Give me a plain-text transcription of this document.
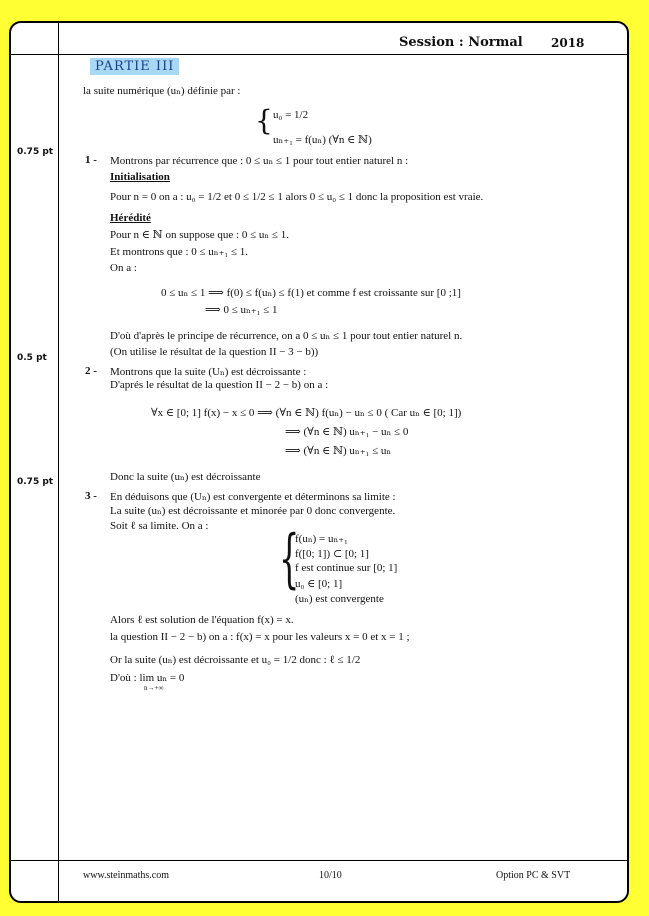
Session : Normal 2018
PARTIE III
la suite numérique (uₙ) définie par :
{ u₀ = 1/2
uₙ₊₁ = f(uₙ) (∀n ∈ ℕ)
0.75 pt
1 - Montrons par récurrence que : 0 ≤ uₙ ≤ 1 pour tout entier naturel n :
Initialisation
Pour n = 0 on a : u₀ = 1/2 et 0 ≤ 1/2 ≤ 1 alors 0 ≤ u₀ ≤ 1 donc la proposition est vraie.
Hérédité
Pour n ∈ ℕ on suppose que : 0 ≤ uₙ ≤ 1.
Et montrons que : 0 ≤ uₙ₊₁ ≤ 1.
On a :
0 ≤ uₙ ≤ 1 ⟹ f(0) ≤ f(uₙ) ≤ f(1) et comme f est croissante sur [0 ;1]
⟹ 0 ≤ uₙ₊₁ ≤ 1
D'où d'après le principe de récurrence, on a 0 ≤ uₙ ≤ 1 pour tout entier naturel n.
(On utilise le résultat de la question II − 3 − b))
0.5 pt
2 - Montrons que la suite (Uₙ) est décroissante :
D'aprés le résultat de la question II − 2 − b) on a :
∀x ∈ [0; 1] f(x) − x ≤ 0 ⟹ (∀n ∈ ℕ) f(uₙ) − uₙ ≤ 0 ( Car uₙ ∈ [0; 1])
⟹ (∀n ∈ ℕ) uₙ₊₁ − uₙ ≤ 0
⟹ (∀n ∈ ℕ) uₙ₊₁ ≤ uₙ
Donc la suite (uₙ) est décroissante
0.75 pt
3 - En déduisons que (Uₙ) est convergente et déterminons sa limite :
La suite (uₙ) est décroissante et minorée par 0 donc convergente.
Soit ℓ sa limite. On a : {
f(uₙ) = uₙ₊₁
f([0; 1]) ⊂ [0; 1]
f est continue sur [0; 1]
u₀ ∈ [0; 1]
(uₙ) est convergente
Alors ℓ est solution de l'équation f(x) = x.
la question II − 2 − b) on a : f(x) = x pour les valeurs x = 0 et x = 1 ;
Or la suite (uₙ) est décroissante et u₀ = 1/2 donc : ℓ ≤ 1/2
D'où : lim uₙ = 0
n→+∞
www.steinmaths.com	10/10	Option PC & SVT
